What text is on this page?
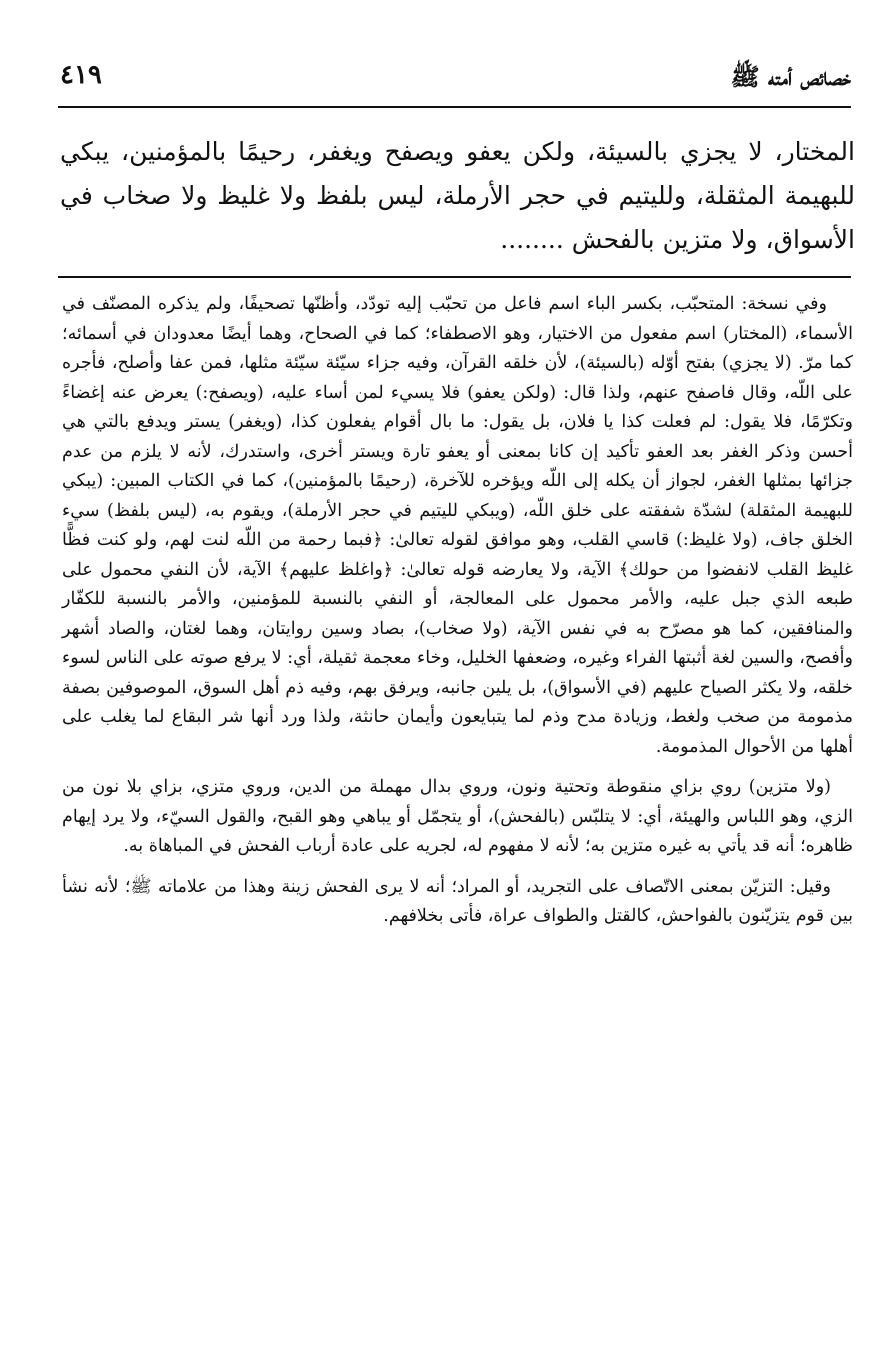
خصائص أمته ﷺ
٤١٩

المختار، لا يجزي بالسيئة، ولكن يعفو ويصفح ويغفر، رحيمًا بالمؤمنين، يبكي للبهيمة المثقلة، ولليتيم في حجر الأرملة، ليس بلفظ ولا غليظ ولا صخاب في الأسواق، ولا متزين بالفحش ........

وفي نسخة: المتحبّب، بكسر الباء اسم فاعل من تحبّب إليه تودّد، وأظنّها تصحيفًا، ولم يذكره المصنّف في الأسماء، (المختار) اسم مفعول من الاختيار، وهو الاصطفاء؛ كما في الصحاح، وهما أيضًا معدودان في أسمائه؛ كما مرّ. (لا يجزي) بفتح أوّله (بالسيئة)، لأن خلقه القرآن، وفيه جزاء سيّئة سيّئة مثلها، فمن عفا وأصلح، فأجره على اللّه، وقال فاصفح عنهم، ولذا قال: (ولكن يعفو) فلا يسيء لمن أساء عليه، (ويصفح:) يعرض عنه إغضاءً وتكرّمًا، فلا يقول: لم فعلت كذا يا فلان، بل يقول: ما بال أقوام يفعلون كذا، (ويغفر) يستر ويدفع بالتي هي أحسن وذكر الغفر بعد العفو تأكيد إن كانا بمعنى أو يعفو تارة ويستر أخرى، واستدرك، لأنه لا يلزم من عدم جزائها بمثلها الغفر، لجواز أن يكله إلى اللّه ويؤخره للآخرة، (رحيمًا بالمؤمنين)، كما في الكتاب المبين: (يبكي للبهيمة المثقلة) لشدّة شفقته على خلق اللّه، (ويبكي لليتيم في حجر الأرملة)، ويقوم به، (ليس بلفظ) سيء الخلق جاف، (ولا غليظ:) قاسي القلب، وهو موافق لقوله تعالىٰ: ﴿فبما رحمة من اللّه لنت لهم، ولو كنت فظًّا غليظ القلب لانفضوا من حولك﴾ الآية، ولا يعارضه قوله تعالىٰ: ﴿واغلظ عليهم﴾ الآية، لأن النفي محمول على طبعه الذي جبل عليه، والأمر محمول على المعالجة، أو النفي بالنسبة للمؤمنين، والأمر بالنسبة للكفّار والمنافقين، كما هو مصرّح به في نفس الآية، (ولا صخاب)، بصاد وسين روايتان، وهما لغتان، والصاد أشهر وأفصح، والسين لغة أثبتها الفراء وغيره، وضعفها الخليل، وخاء معجمة ثقيلة، أي: لا يرفع صوته على الناس لسوء خلقه، ولا يكثر الصياح عليهم (في الأسواق)، بل يلين جانبه، ويرفق بهم، وفيه ذم أهل السوق، الموصوفين بصفة مذمومة من صخب ولغط، وزيادة مدح وذم لما يتبايعون وأيمان حانثة، ولذا ورد أنها شر البقاع لما يغلب على أهلها من الأحوال المذمومة.

(ولا متزين) روي بزاي منقوطة وتحتية ونون، وروي بدال مهملة من الدين، وروي متزي، بزاي بلا نون من الزي، وهو اللباس والهيئة، أي: لا يتلبّس (بالفحش)، أو يتجمّل أو يباهي وهو القبح، والقول السيّء، ولا يرد إيهام ظاهره؛ أنه قد يأتي به غيره متزين به؛ لأنه لا مفهوم له، لجريه على عادة أرباب الفحش في المباهاة به.

وقيل: التزيّن بمعنى الاتّصاف على التجريد، أو المراد؛ أنه لا يرى الفحش زينة وهذا من علاماته ﷺ؛ لأنه نشأ بين قوم يتزيّنون بالفواحش، كالقتل والطواف عراة، فأتى بخلافهم.
